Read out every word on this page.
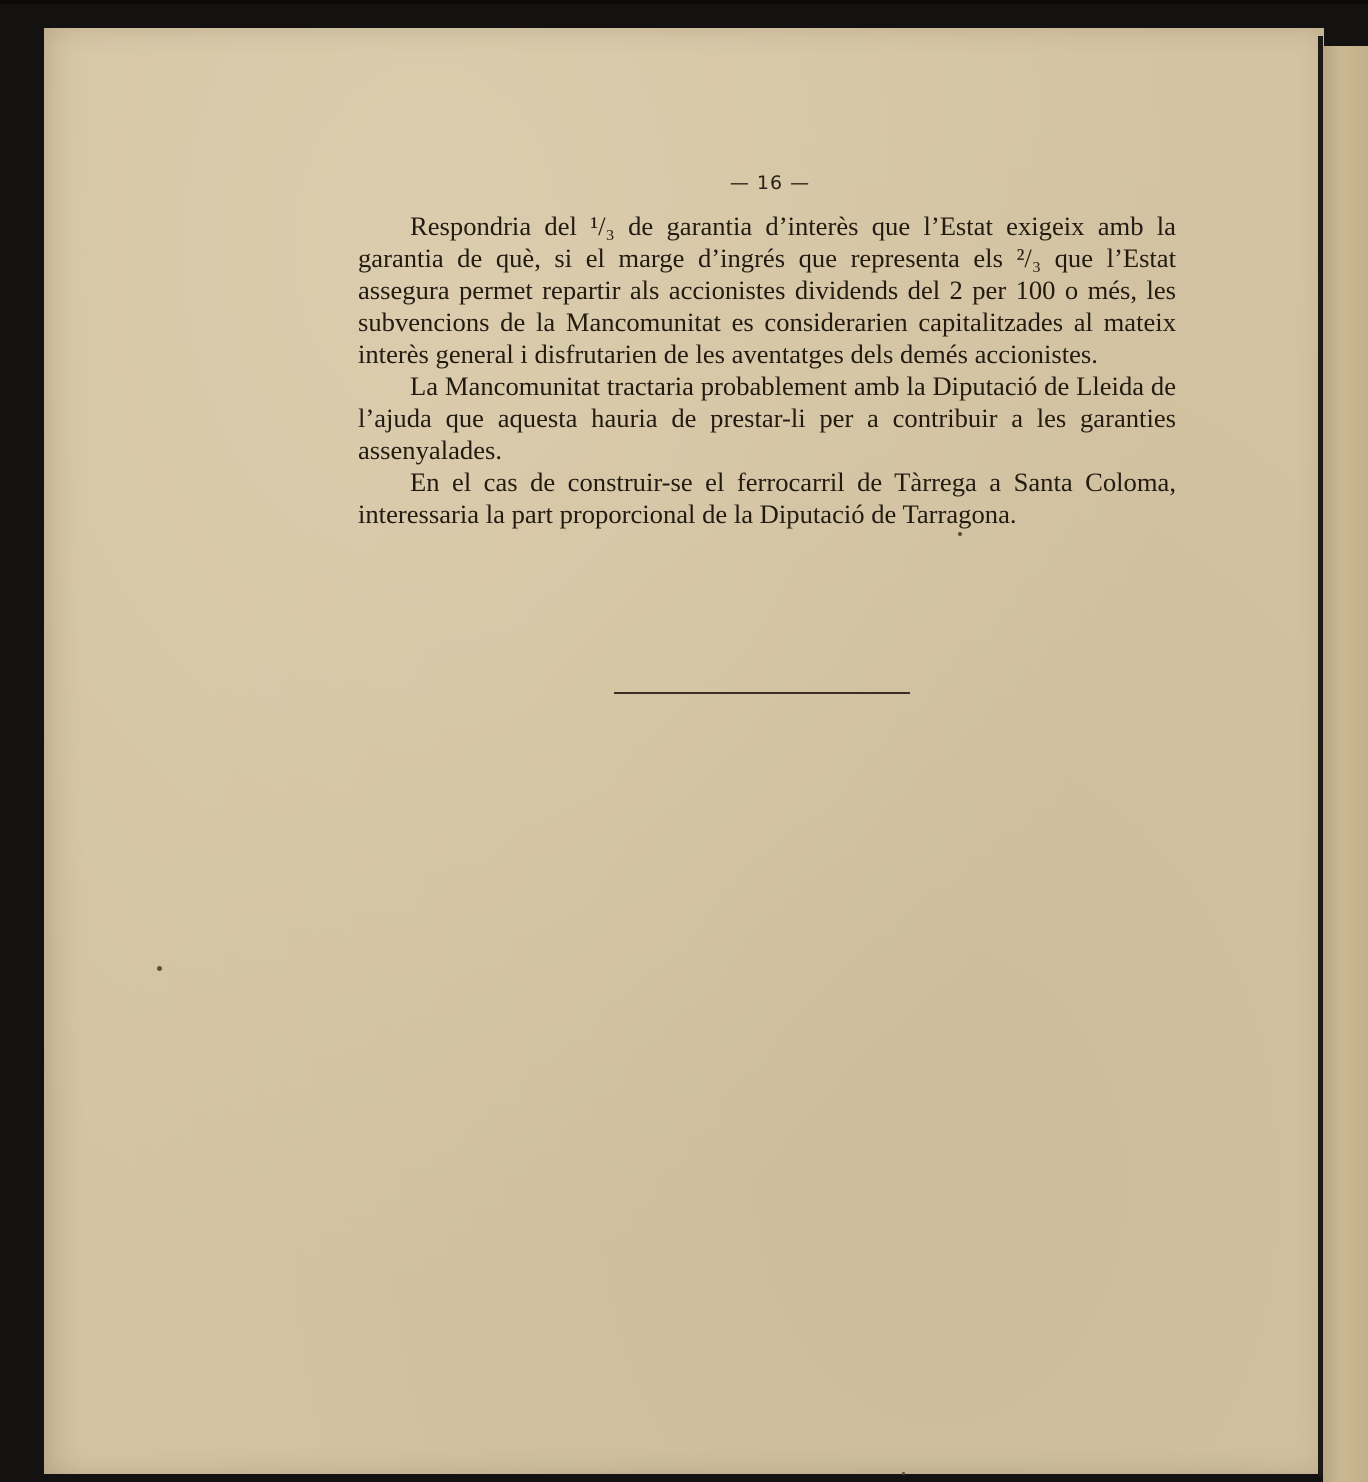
— 16 —

Respondria del ¹/₃ de garantia d’interès que l’Estat exigeix amb la garantia de què, si el marge d’ingrés que representa els ²/₃ que l’Estat assegura permet repartir als accionistes dividends del 2 per 100 o més, les subvencions de la Mancomunitat es considerarien capitalitzades al mateix interès general i disfrutarien de les aventatges dels demés accionistes.

La Mancomunitat tractaria probablement amb la Diputació de Lleida de l’ajuda que aquesta hauria de prestar-li per a contribuir a les garanties assenyalades.

En el cas de construir-se el ferrocarril de Tàrrega a Santa Coloma, interessaria la part proporcional de la Diputació de Tarragona.
